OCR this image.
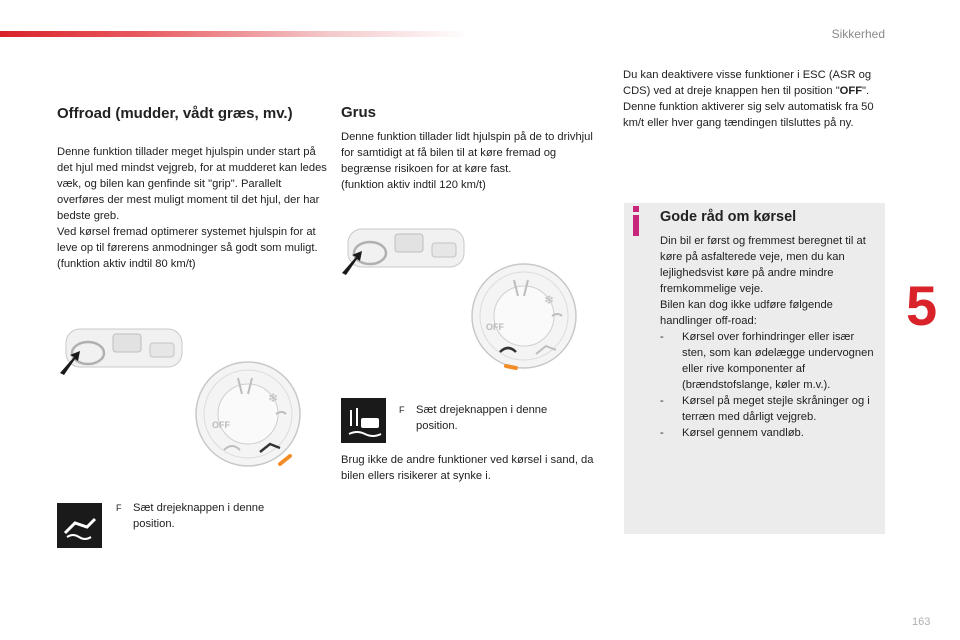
Sikkerhed
5
163
Offroad (mudder, vådt græs, mv.)

Denne funktion tillader meget hjulspin under start på det hjul med mindst vejgreb, for at mudderet kan ledes væk, og bilen kan genfinde sit "grip". Parallelt overføres der mest muligt moment til det hjul, der har bedste greb.
Ved kørsel fremad optimerer systemet hjulspin for at leve op til førerens anmodninger så godt som muligt.
(funktion aktiv indtil 80 km/t)

OFF
❄
F	Sæt drejeknappen i denne position.
Grus

Denne funktion tillader lidt hjulspin på de to drivhjul for samtidigt at få bilen til at køre fremad og begrænse risikoen for at køre fast.
(funktion aktiv indtil 120 km/t)

OFF
❄
F	Sæt drejeknappen i denne position.

Brug ikke de andre funktioner ved kørsel i sand, da bilen ellers risikerer at synke i.

Du kan deaktivere visse funktioner i ESC (ASR og CDS) ved at dreje knappen hen til position "OFF".
Denne funktion aktiverer sig selv automatisk fra 50 km/t eller hver gang tændingen tilsluttes på ny.

Gode råd om kørsel
Din bil er først og fremmest beregnet til at køre på asfalterede veje, men du kan lejlighedsvist køre på andre mindre fremkommelige veje.
Bilen kan dog ikke udføre følgende handlinger off-road:
- Kørsel over forhindringer eller især sten, som kan ødelægge undervognen eller rive komponenter af (brændstofslange, køler m.v.).
- Kørsel på meget stejle skråninger og i terræn med dårligt vejgreb.
- Kørsel gennem vandløb.
